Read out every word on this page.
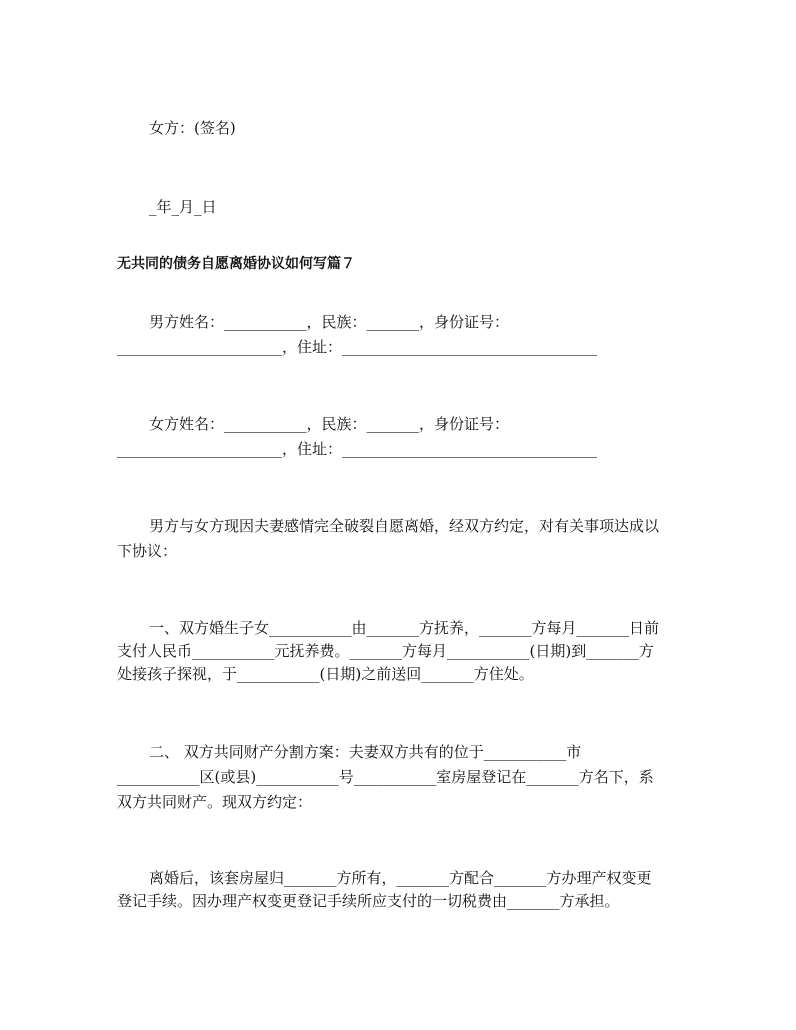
女方：(签名)
_年_月_日
无共同的债务自愿离婚协议如何写篇７
男方姓名：___________，民族：_______，身份证号：
______________________，住址：__________________________________
女方姓名：___________，民族：_______，身份证号：
______________________，住址：__________________________________
男方与女方现因夫妻感情完全破裂自愿离婚，经双方约定，对有关事项达成以
下协议：
一、双方婚生子女___________由_______方抚养，_______方每月_______日前
支付人民币___________元抚养费。_______方每月___________(日期)到_______方
处接孩子探视，于___________(日期)之前送回_______方住处。
二、 双方共同财产分割方案：夫妻双方共有的位于___________市
___________区(或县)___________号___________室房屋登记在_______方名下，系
双方共同财产。现双方约定：
离婚后，该套房屋归_______方所有，_______方配合_______方办理产权变更
登记手续。因办理产权变更登记手续所应支付的一切税费由_______方承担。
